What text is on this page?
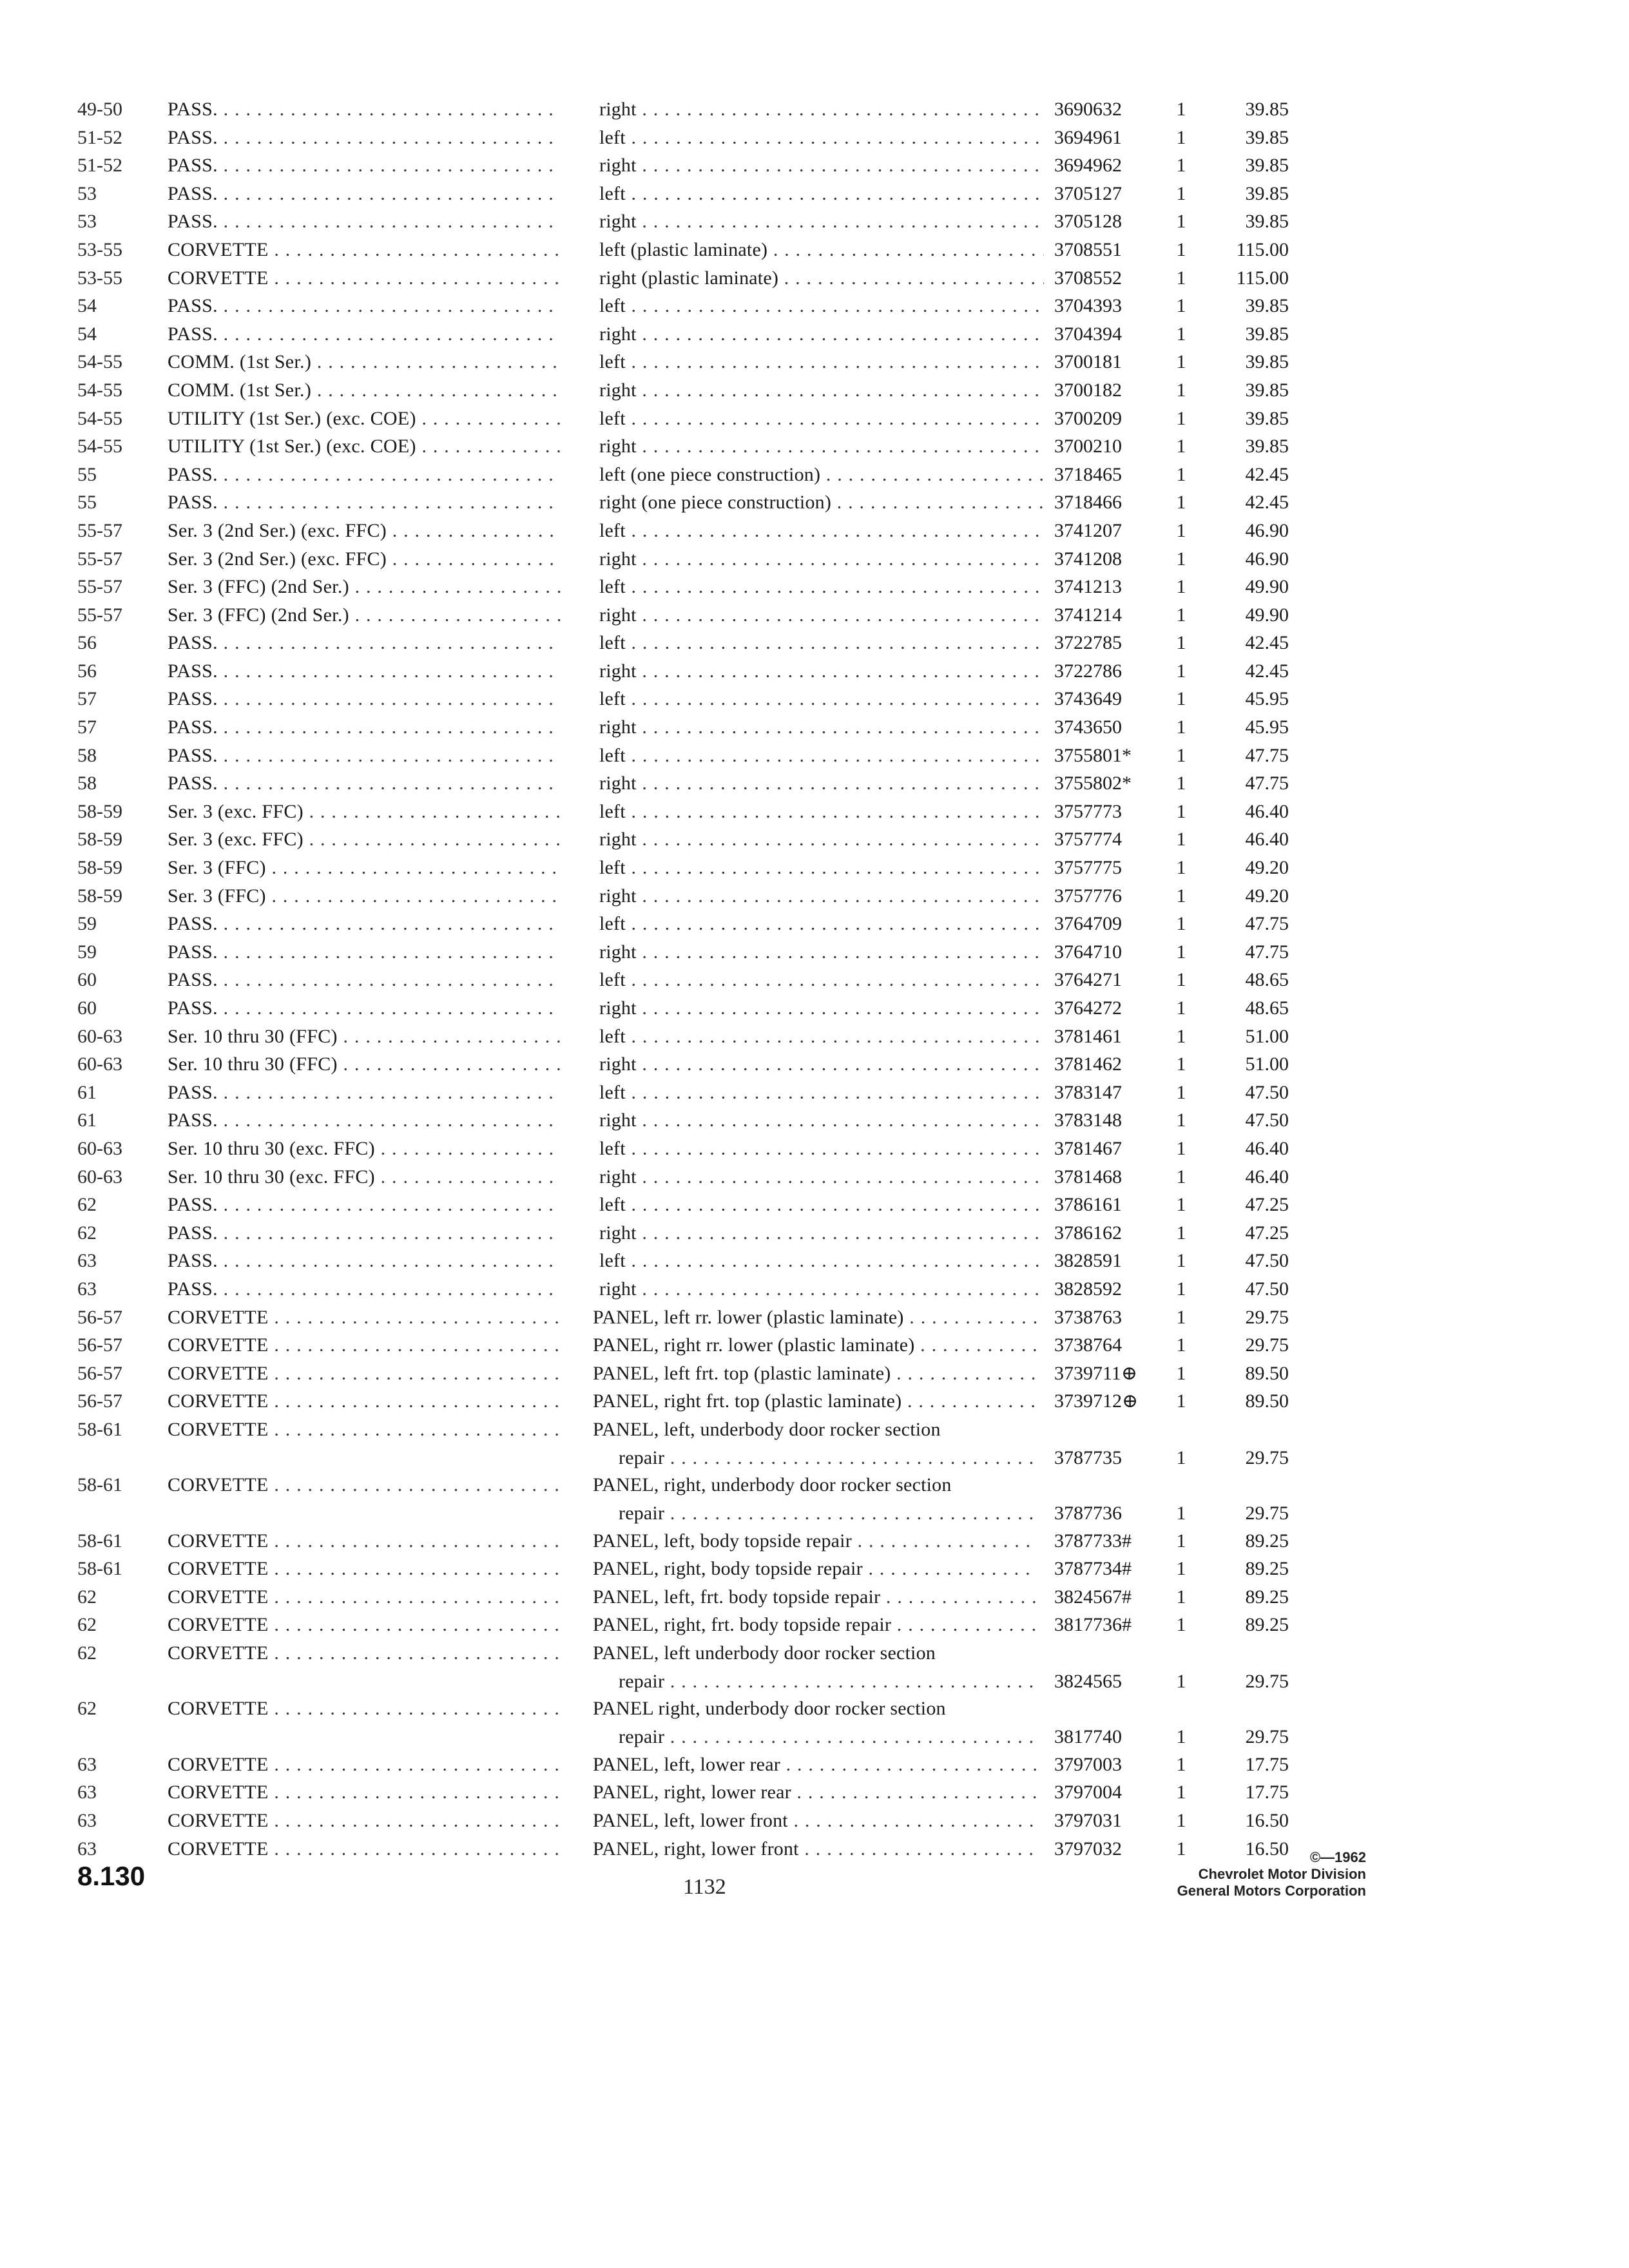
49-50	PASS. . . .	right . . .	3690632	1	39.85
51-52	PASS. . . .	left . . .	3694961	1	39.85
51-52	PASS. . . .	right . . .	3694962	1	39.85
53	PASS. . . .	left . . .	3705127	1	39.85
53	PASS. . . .	right . . .	3705128	1	39.85
53-55	CORVETTE . . .	left (plastic laminate) . . .	3708551	1	115.00
53-55	CORVETTE . . .	right (plastic laminate) . . .	3708552	1	115.00
54	PASS. . . .	left . . .	3704393	1	39.85
54	PASS. . . .	right . . .	3704394	1	39.85
54-55	COMM. (1st Ser.) . . .	left . . .	3700181	1	39.85
54-55	COMM. (1st Ser.) . . .	right . . .	3700182	1	39.85
54-55	UTILITY (1st Ser.) (exc. COE) . . .	left . . .	3700209	1	39.85
54-55	UTILITY (1st Ser.) (exc. COE) . . .	right . . .	3700210	1	39.85
55	PASS. . . .	left (one piece construction) . . .	3718465	1	42.45
55	PASS. . . .	right (one piece construction) . . .	3718466	1	42.45
55-57	Ser. 3 (2nd Ser.) (exc. FFC) . . .	left . . .	3741207	1	46.90
55-57	Ser. 3 (2nd Ser.) (exc. FFC) . . .	right . . .	3741208	1	46.90
55-57	Ser. 3 (FFC) (2nd Ser.) . . .	left . . .	3741213	1	49.90
55-57	Ser. 3 (FFC) (2nd Ser.) . . .	right . . .	3741214	1	49.90
56	PASS. . . .	left . . .	3722785	1	42.45
56	PASS. . . .	right . . .	3722786	1	42.45
57	PASS. . . .	left . . .	3743649	1	45.95
57	PASS. . . .	right . . .	3743650	1	45.95
58	PASS. . . .	left . . .	3755801*	1	47.75
58	PASS. . . .	right . . .	3755802*	1	47.75
58-59	Ser. 3 (exc. FFC) . . .	left . . .	3757773	1	46.40
58-59	Ser. 3 (exc. FFC) . . .	right . . .	3757774	1	46.40
58-59	Ser. 3 (FFC) . . .	left . . .	3757775	1	49.20
58-59	Ser. 3 (FFC) . . .	right . . .	3757776	1	49.20
59	PASS. . . .	left . . .	3764709	1	47.75
59	PASS. . . .	right . . .	3764710	1	47.75
60	PASS. . . .	left . . .	3764271	1	48.65
60	PASS. . . .	right . . .	3764272	1	48.65
60-63	Ser. 10 thru 30 (FFC) . . .	left . . .	3781461	1	51.00
60-63	Ser. 10 thru 30 (FFC) . . .	right . . .	3781462	1	51.00
61	PASS. . . .	left . . .	3783147	1	47.50
61	PASS. . . .	right . . .	3783148	1	47.50
60-63	Ser. 10 thru 30 (exc. FFC) . . .	left . . .	3781467	1	46.40
60-63	Ser. 10 thru 30 (exc. FFC) . . .	right . . .	3781468	1	46.40
62	PASS. . . .	left . . .	3786161	1	47.25
62	PASS. . . .	right . . .	3786162	1	47.25
63	PASS. . . .	left . . .	3828591	1	47.50
63	PASS. . . .	right . . .	3828592	1	47.50
56-57	CORVETTE . . .	PANEL, left rr. lower (plastic laminate) . . .	3738763	1	29.75
56-57	CORVETTE . . .	PANEL, right rr. lower (plastic laminate) . . .	3738764	1	29.75
56-57	CORVETTE . . .	PANEL, left frt. top (plastic laminate) . . .	3739711⊕	1	89.50
56-57	CORVETTE . . .	PANEL, right frt. top (plastic laminate) . . .	3739712⊕	1	89.50
58-61	CORVETTE . . .	PANEL, left, underbody door rocker section
repair . . .	3787735	1	29.75
58-61	CORVETTE . . .	PANEL, right, underbody door rocker section
repair . . .	3787736	1	29.75
58-61	CORVETTE . . .	PANEL, left, body topside repair . . .	3787733#	1	89.25
58-61	CORVETTE . . .	PANEL, right, body topside repair . . .	3787734#	1	89.25
62	CORVETTE . . .	PANEL, left, frt. body topside repair . . .	3824567#	1	89.25
62	CORVETTE . . .	PANEL, right, frt. body topside repair . . .	3817736#	1	89.25
62	CORVETTE . . .	PANEL, left underbody door rocker section
repair . . .	3824565	1	29.75
62	CORVETTE . . .	PANEL right, underbody door rocker section
repair . . .	3817740	1	29.75
63	CORVETTE . . .	PANEL, left, lower rear . . .	3797003	1	17.75
63	CORVETTE . . .	PANEL, right, lower rear . . .	3797004	1	17.75
63	CORVETTE . . .	PANEL, left, lower front . . .	3797031	1	16.50
63	CORVETTE . . .	PANEL, right, lower front . . .	3797032	1	16.50
8.130	1132
©—1962
Chevrolet Motor Division
General Motors Corporation
